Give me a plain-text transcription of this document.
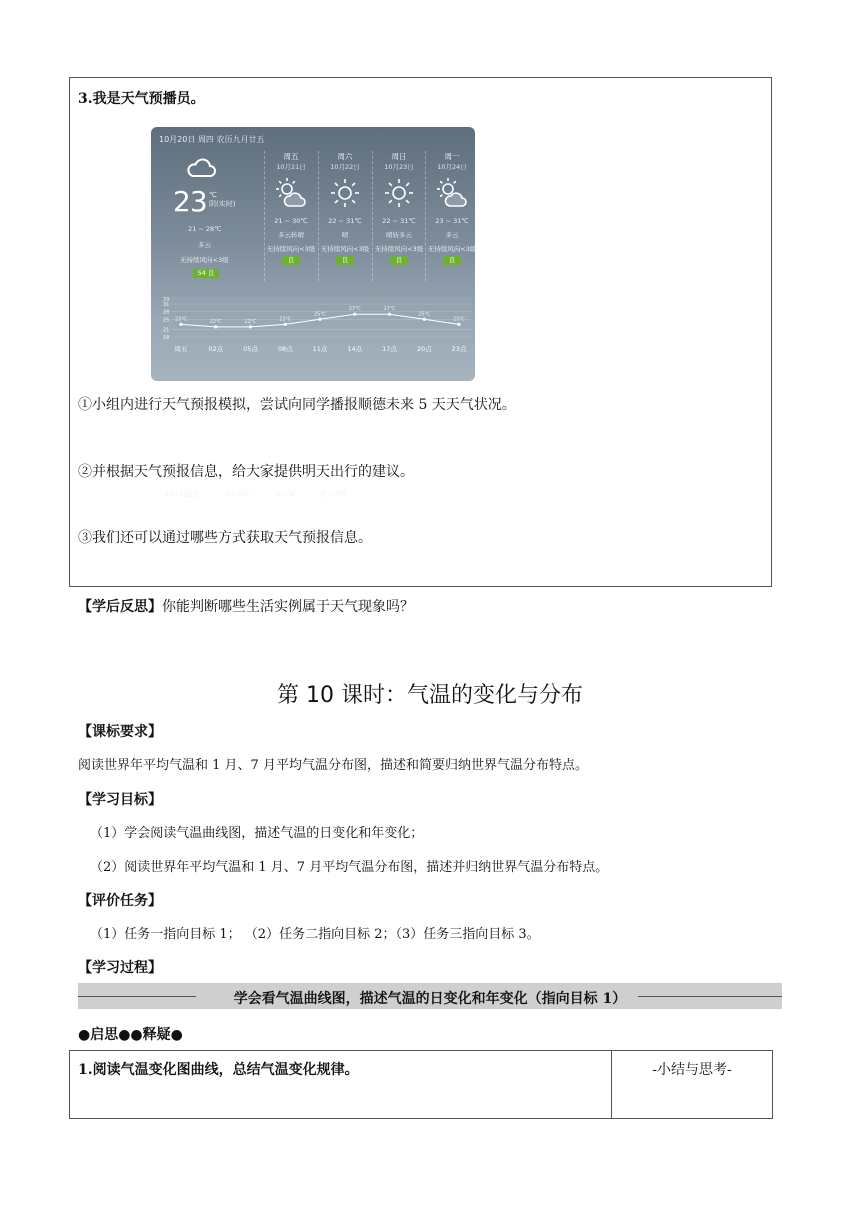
3.我是天气预播员。
10月20日 周四 农历九月廿五
23 ℃
阴(实时)
21 ~ 28℃
多云
无持续风向<3级
54 良
周五
10月21日
21 ~ 30℃
多云转晴
无持续风向<3级
良
周六
10月22日
22 ~ 31℃
晴
无持续风向<3级
良
周日
10月23日
22 ~ 31℃
晴转多云
无持续风向<3级
良
周一
10月24日
23 ~ 31℃
多云
无持续风向<3级
良
33
31
28
25
21
18
23℃	22℃	22℃	23℃
25℃
27℃	27℃
25℃
23℃
周五	02点	05点	08点	11点	14点	17点	20点	23点
24小时温度	风力风向	降水量	相关指数
①小组内进行天气预报模拟，尝试向同学播报顺德未来 5 天天气状况。
②并根据天气预报信息，给大家提供明天出行的建议。
③我们还可以通过哪些方式获取天气预报信息。
【学后反思】你能判断哪些生活实例属于天气现象吗？
第 10 课时：气温的变化与分布
【课标要求】
阅读世界年平均气温和 1 月、7 月平均气温分布图，描述和简要归纳世界气温分布特点。
【学习目标】
（1）学会阅读气温曲线图，描述气温的日变化和年变化；
（2）阅读世界年平均气温和 1 月、7 月平均气温分布图，描述并归纳世界气温分布特点。
【评价任务】
（1）任务一指向目标 1； （2）任务二指向目标 2；（3）任务三指向目标 3。
【学习过程】
学会看气温曲线图，描述气温的日变化和年变化（指向目标 1）
●启思●●释疑●
1.阅读气温变化图曲线，总结气温变化规律。	-小结与思考-
